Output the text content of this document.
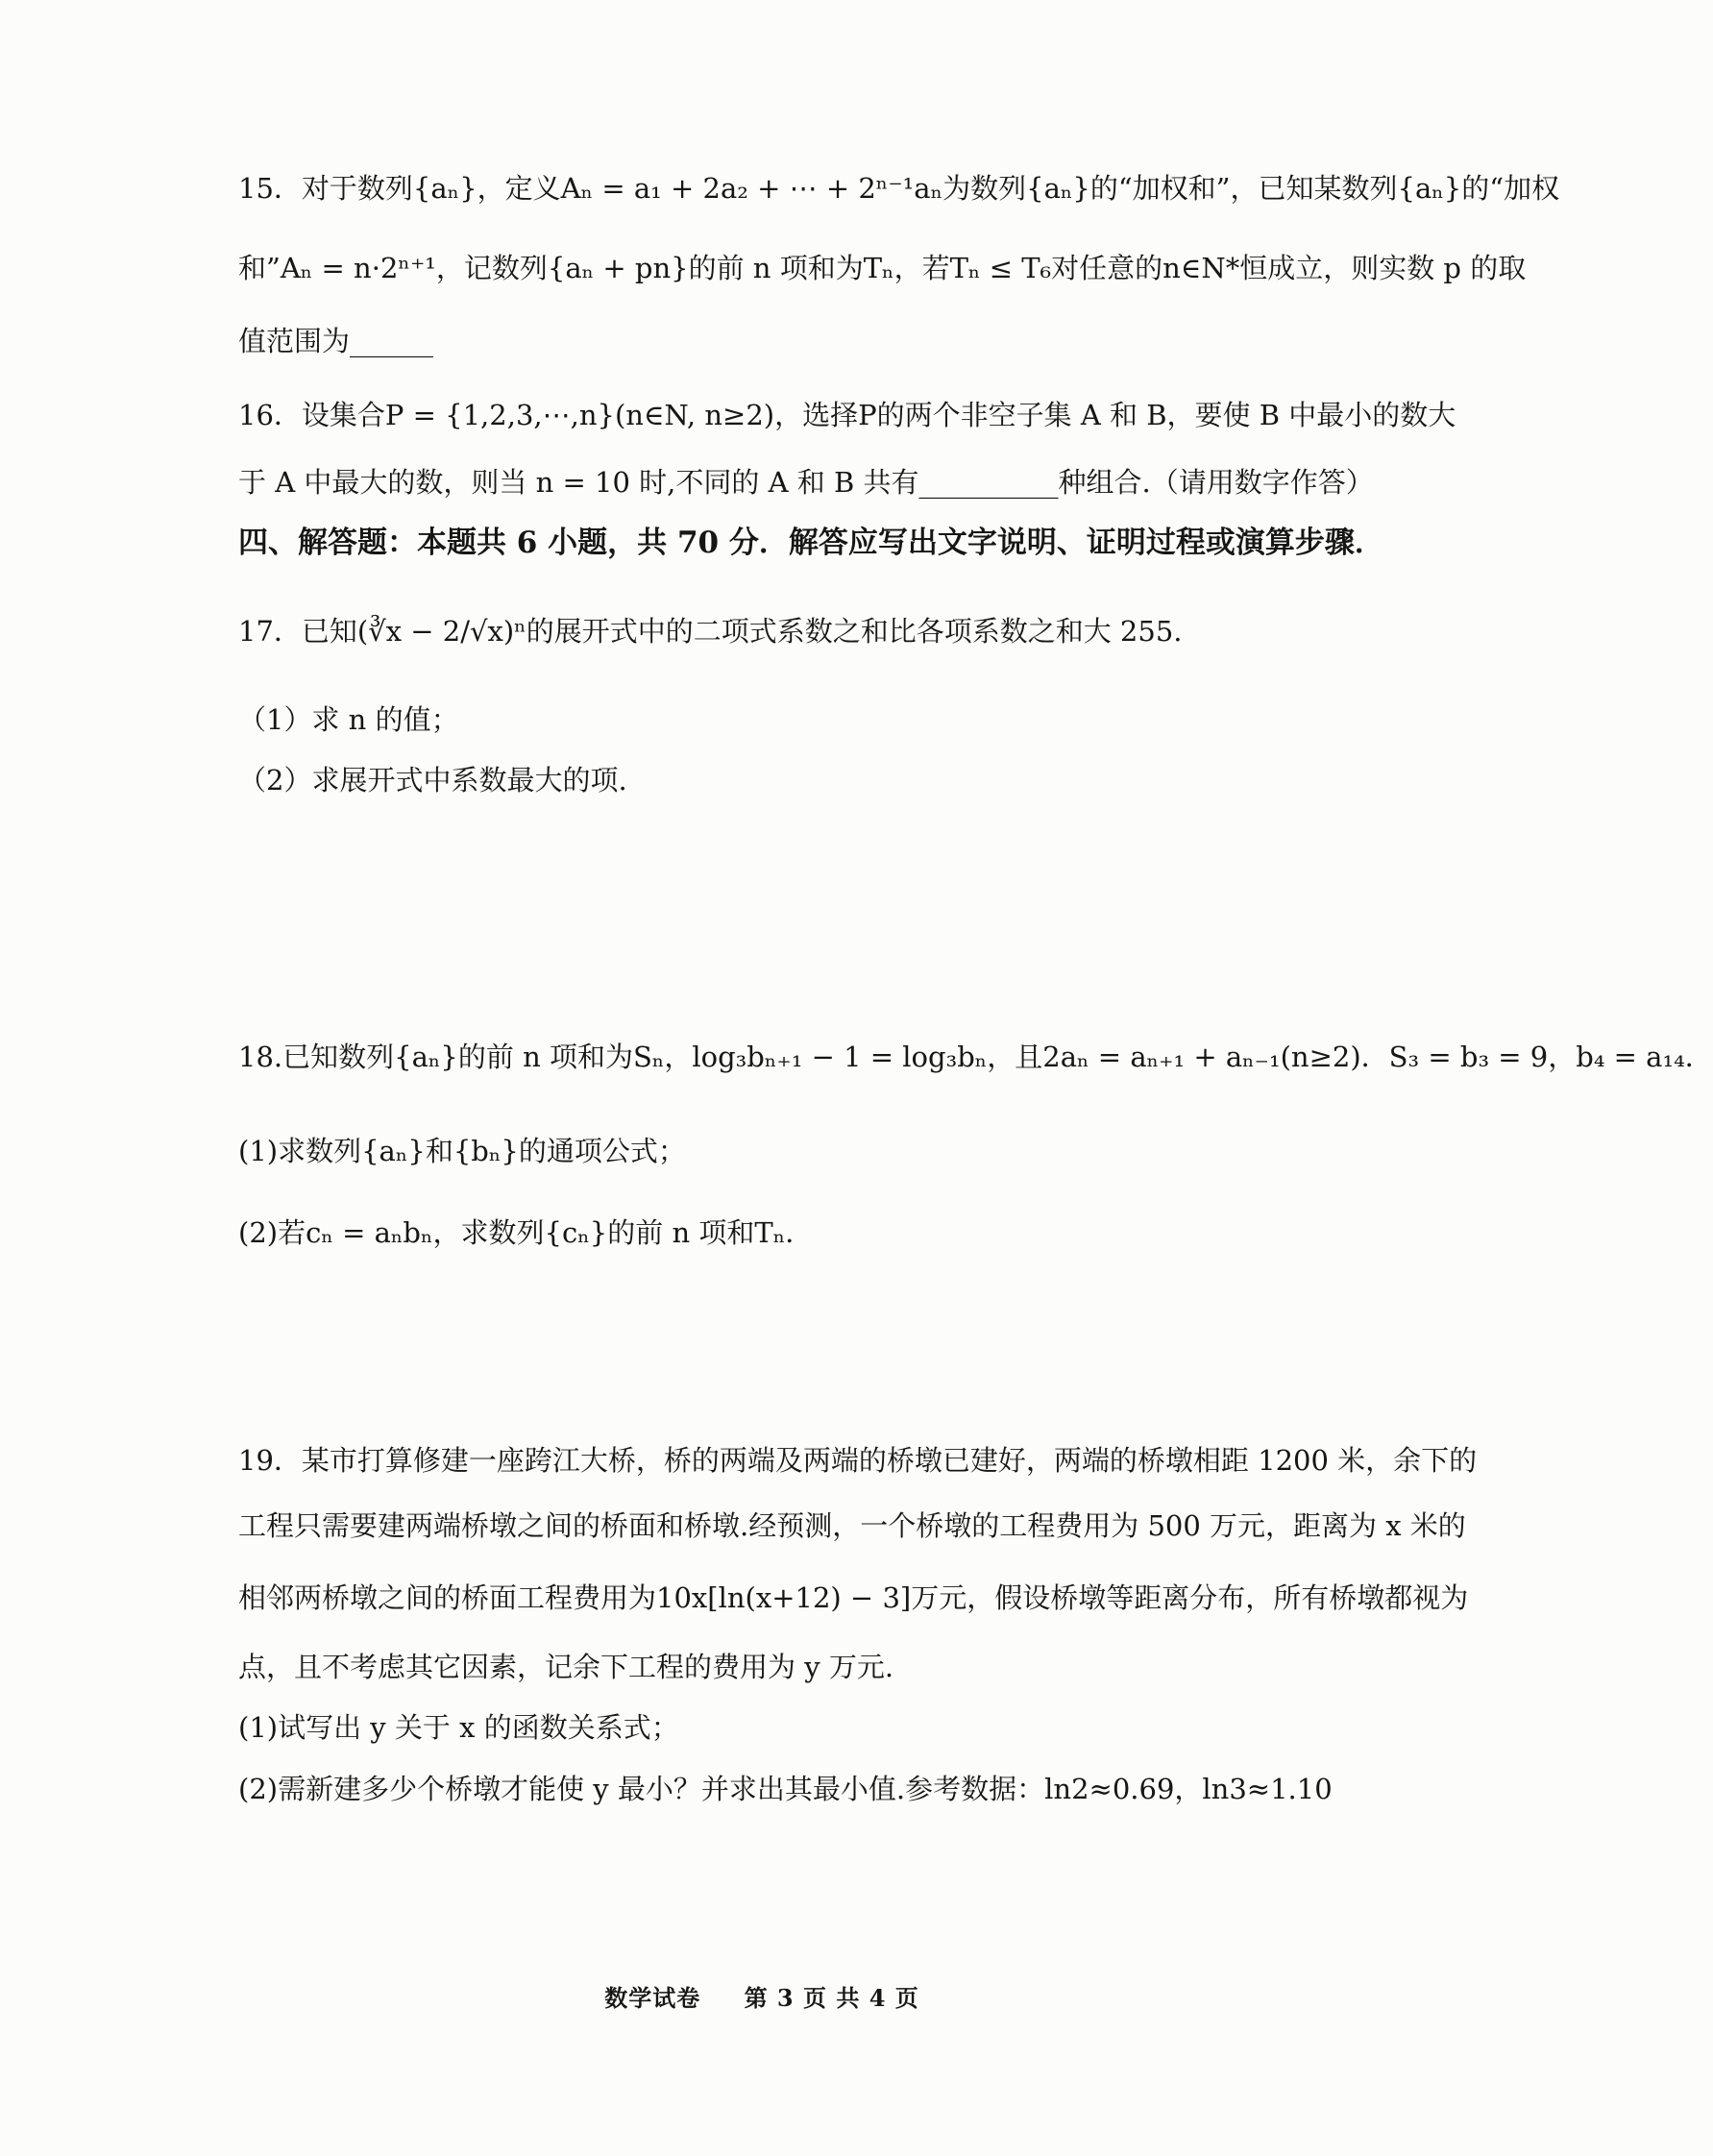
15．对于数列{aₙ}，定义Aₙ = a₁ + 2a₂ + ⋯ + 2ⁿ⁻¹aₙ为数列{aₙ}的“加权和”，已知某数列{aₙ}的“加权
和”Aₙ = n·2ⁿ⁺¹，记数列{aₙ + pn}的前 n 项和为Tₙ，若Tₙ ≤ T₆对任意的n∈N*恒成立，则实数 p 的取
值范围为______
16．设集合P = {1,2,3,⋯,n}(n∈N, n≥2)，选择P的两个非空子集 A 和 B，要使 B 中最小的数大
于 A 中最大的数，则当 n = 10 时,不同的 A 和 B 共有__________种组合.（请用数字作答）
四、解答题：本题共 6 小题，共 70 分．解答应写出文字说明、证明过程或演算步骤．
17．已知(∛x − 2/√x)ⁿ的展开式中的二项式系数之和比各项系数之和大 255.
（1）求 n 的值；
（2）求展开式中系数最大的项.
18.已知数列{aₙ}的前 n 项和为Sₙ，log₃bₙ₊₁ − 1 = log₃bₙ，且2aₙ = aₙ₊₁ + aₙ₋₁(n≥2)．S₃ = b₃ = 9，b₄ = a₁₄．
(1)求数列{aₙ}和{bₙ}的通项公式；
(2)若cₙ = aₙbₙ，求数列{cₙ}的前 n 项和Tₙ．
19．某市打算修建一座跨江大桥，桥的两端及两端的桥墩已建好，两端的桥墩相距 1200 米，余下的
工程只需要建两端桥墩之间的桥面和桥墩.经预测，一个桥墩的工程费用为 500 万元，距离为 x 米的
相邻两桥墩之间的桥面工程费用为10x[ln(x+12) − 3]万元，假设桥墩等距离分布，所有桥墩都视为
点，且不考虑其它因素，记余下工程的费用为 y 万元.
(1)试写出 y 关于 x 的函数关系式；
(2)需新建多少个桥墩才能使 y 最小？并求出其最小值.参考数据：ln2≈0.69，ln3≈1.10
数学试卷 第 3 页 共 4 页
